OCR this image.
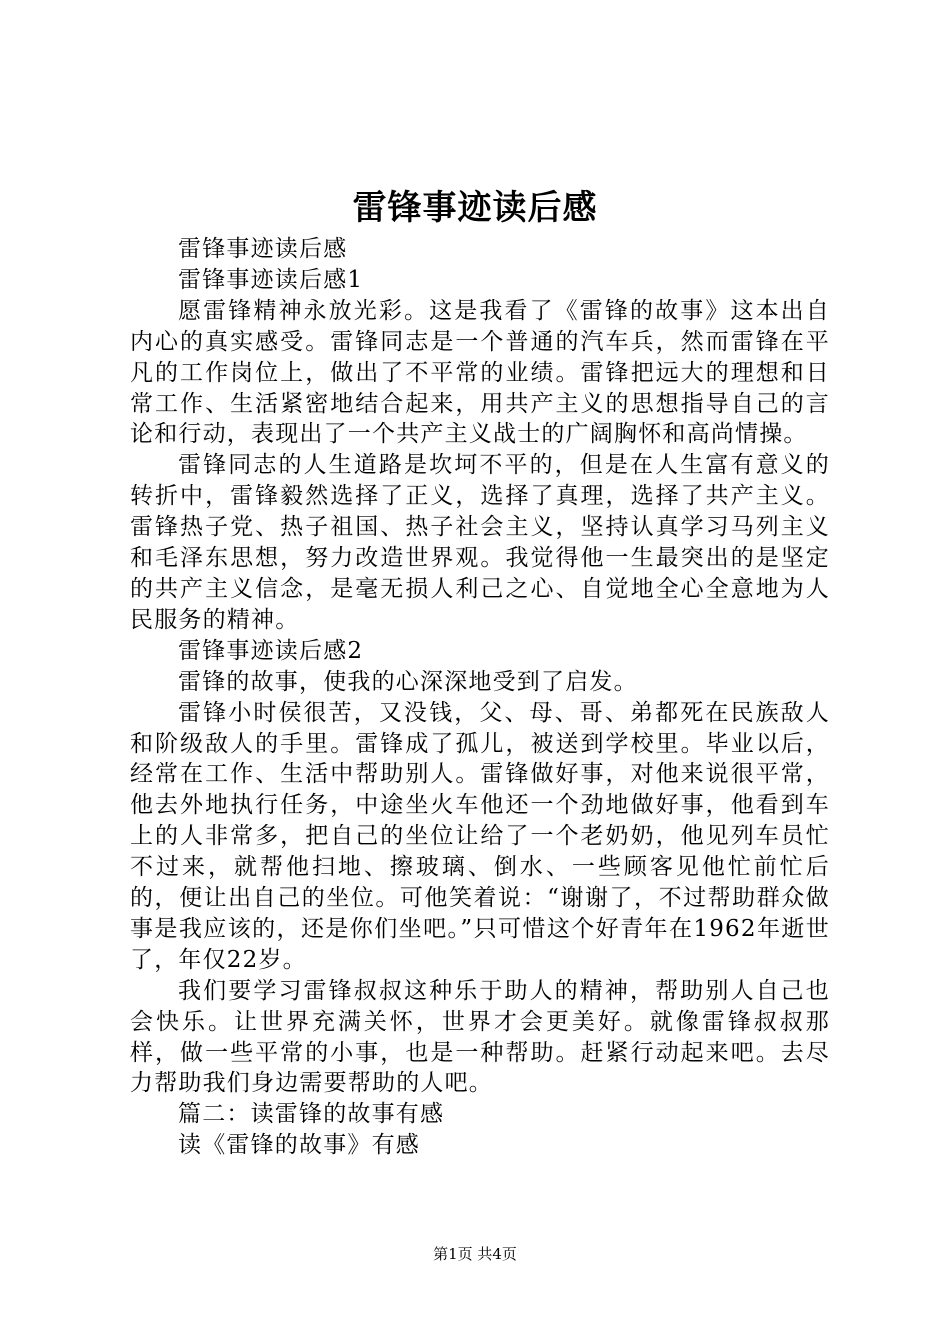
雷锋事迹读后感

雷锋事迹读后感

雷锋事迹读后感1

愿雷锋精神永放光彩。这是我看了《雷锋的故事》这本出自内心的真实感受。雷锋同志是一个普通的汽车兵，然而雷锋在平凡的工作岗位上，做出了不平常的业绩。雷锋把远大的理想和日常工作、生活紧密地结合起来，用共产主义的思想指导自己的言论和行动，表现出了一个共产主义战士的广阔胸怀和高尚情操。

雷锋同志的人生道路是坎坷不平的，但是在人生富有意义的转折中，雷锋毅然选择了正义，选择了真理，选择了共产主义。雷锋热子党、热子祖国、热子社会主义，坚持认真学习马列主义和毛泽东思想，努力改造世界观。我觉得他一生最突出的是坚定的共产主义信念，是毫无损人利己之心、自觉地全心全意地为人民服务的精神。

雷锋事迹读后感2

雷锋的故事，使我的心深深地受到了启发。

雷锋小时侯很苦，又没钱，父、母、哥、弟都死在民族敌人和阶级敌人的手里。雷锋成了孤儿，被送到学校里。毕业以后，经常在工作、生活中帮助别人。雷锋做好事，对他来说很平常，他去外地执行任务，中途坐火车他还一个劲地做好事，他看到车上的人非常多，把自己的坐位让给了一个老奶奶，他见列车员忙不过来，就帮他扫地、擦玻璃、倒水、一些顾客见他忙前忙后的，便让出自己的坐位。可他笑着说：“谢谢了，不过帮助群众做事是我应该的，还是你们坐吧。”只可惜这个好青年在1962年逝世了，年仅22岁。

我们要学习雷锋叔叔这种乐于助人的精神，帮助别人自己也会快乐。让世界充满关怀，世界才会更美好。就像雷锋叔叔那样，做一些平常的小事，也是一种帮助。赶紧行动起来吧。去尽力帮助我们身边需要帮助的人吧。

篇二：读雷锋的故事有感

读《雷锋的故事》有感

第1页 共4页
